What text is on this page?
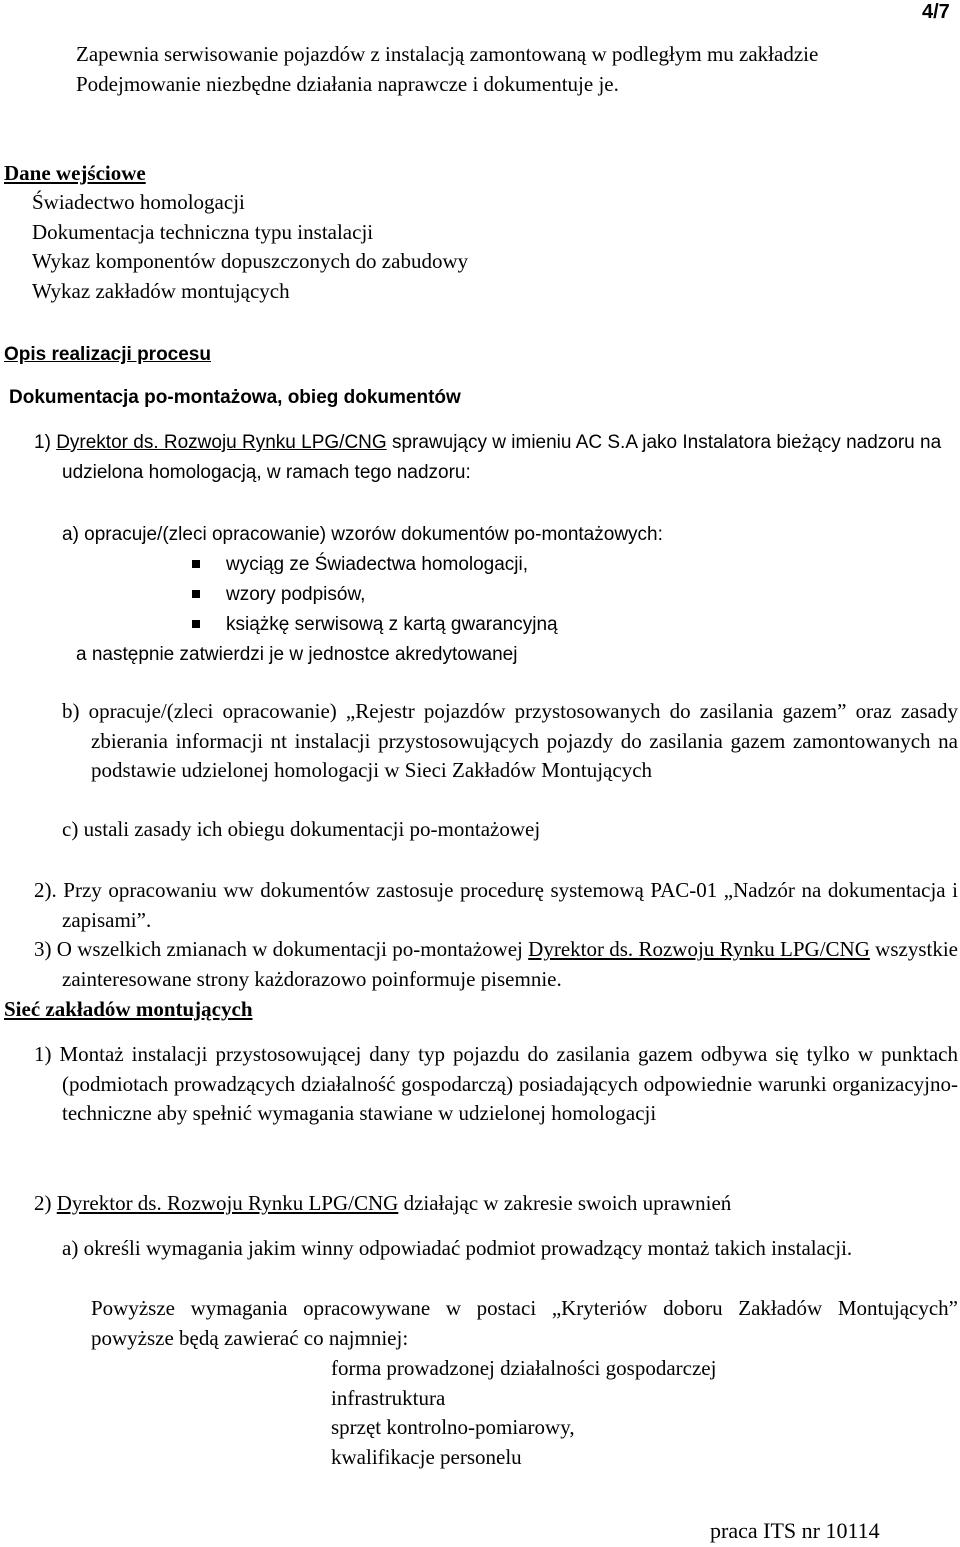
4/7
Zapewnia serwisowanie pojazdów z instalacją zamontowaną w podległym mu zakładzie
Podejmowanie niezbędne działania naprawcze i dokumentuje je.
Dane wejściowe
Świadectwo homologacji
Dokumentacja techniczna typu instalacji
Wykaz komponentów dopuszczonych do zabudowy
Wykaz zakładów montujących
Opis realizacji procesu
Dokumentacja po-montażowa, obieg dokumentów
1) Dyrektor ds. Rozwoju Rynku LPG/CNG sprawujący w imieniu AC S.A jako Instalatora bieżący nadzoru na udzielona homologacją, w ramach tego nadzoru:
a) opracuje/(zleci opracowanie) wzorów dokumentów po-montażowych:
wyciąg ze Świadectwa homologacji,
wzory podpisów,
książkę serwisową z kartą gwarancyjną
a następnie zatwierdzi je w jednostce akredytowanej
b) opracuje/(zleci opracowanie) „Rejestr pojazdów przystosowanych do zasilania gazem” oraz zasady zbierania informacji nt instalacji przystosowujących pojazdy do zasilania gazem zamontowanych na podstawie udzielonej homologacji w Sieci Zakładów Montujących
c) ustali zasady ich obiegu dokumentacji po-montażowej
2). Przy opracowaniu ww dokumentów zastosuje procedurę systemową PAC-01 „Nadzór na dokumentacja i zapisami”.
3) O wszelkich zmianach w dokumentacji po-montażowej Dyrektor ds. Rozwoju Rynku LPG/CNG wszystkie zainteresowane strony każdorazowo poinformuje pisemnie.
Sieć zakładów montujących
1) Montaż instalacji przystosowującej dany typ pojazdu do zasilania gazem odbywa się tylko w punktach (podmiotach prowadzących działalność gospodarczą) posiadających odpowiednie warunki organizacyjno-techniczne aby spełnić wymagania stawiane w udzielonej homologacji
2) Dyrektor ds. Rozwoju Rynku LPG/CNG działając w zakresie swoich uprawnień
a) określi wymagania jakim winny odpowiadać podmiot prowadzący montaż takich instalacji.
Powyższe wymagania opracowywane w postaci „Kryteriów doboru Zakładów Montujących” powyższe będą zawierać co najmniej:
forma prowadzonej działalności gospodarczej
infrastruktura
sprzęt kontrolno-pomiarowy,
kwalifikacje personelu
praca ITS nr 10114
